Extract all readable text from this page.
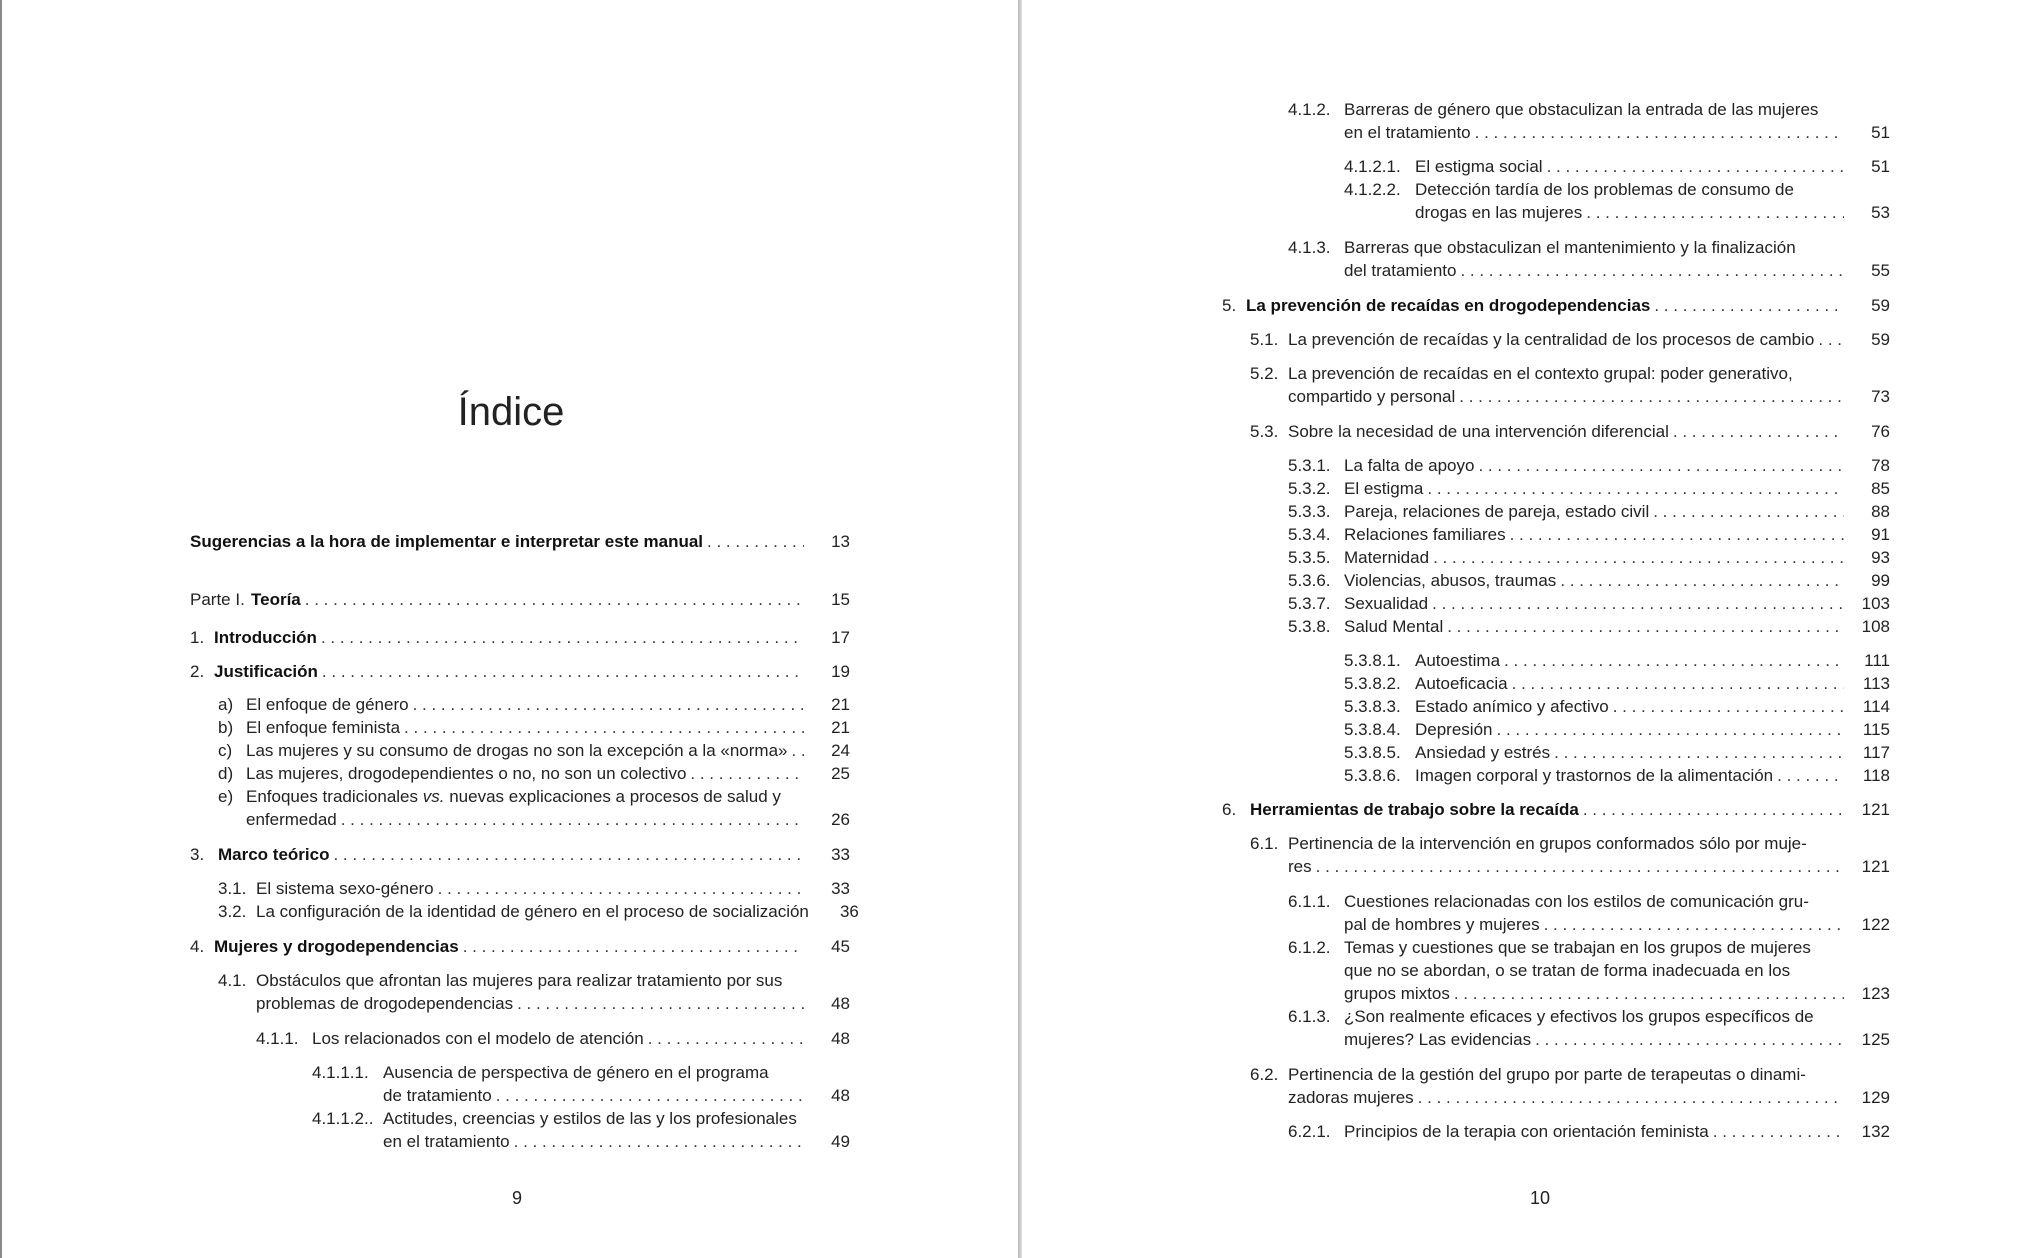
Índice
Sugerencias a la hora de implementar e interpretar este manual . . .	13
Parte I. Teoría . . .	15
1. Introducción . . .	17
2. Justificación . . .	19
a) El enfoque de género . . .	21
b) El enfoque feminista . . .	21
c) Las mujeres y su consumo de drogas no son la excepción a la «norma» . . .	24
d) Las mujeres, drogodependientes o no, no son un colectivo . . .	25
e) Enfoques tradicionales
vs.
nuevas explicaciones a procesos de salud y
enfermedad . . .	26
3. Marco teórico . . .	33
3.1. El sistema sexo-género . . .	33
3.2. La configuración de la identidad de género en el proceso de socialización	36
4. Mujeres y drogodependencias . . .	45
4.1. Obstáculos que afrontan las mujeres para realizar tratamiento por sus
problemas de drogodependencias . . .	48
4.1.1. Los relacionados con el modelo de atención . . .	48
4.1.1.1. Ausencia de perspectiva de género en el programa
de tratamiento . . .	48
4.1.1.2.. Actitudes, creencias y estilos de las y los profesionales
en el tratamiento . . .	49
9
4.1.2. Barreras de género que obstaculizan la entrada de las mujeres
en el tratamiento . . .	51
4.1.2.1. El estigma social . . .	51
4.1.2.2. Detección tardía de los problemas de consumo de
drogas en las mujeres . . .	53
4.1.3. Barreras que obstaculizan el mantenimiento y la finalización
del tratamiento . . .	55
5. La prevención de recaídas en drogodependencias . . .	59
5.1. La prevención de recaídas y la centralidad de los procesos de cambio . . .	59
5.2. La prevención de recaídas en el contexto grupal: poder generativo,
compartido y personal . . .	73
5.3. Sobre la necesidad de una intervención diferencial . . .	76
5.3.1. La falta de apoyo . . .	78
5.3.2. El estigma . . .	85
5.3.3. Pareja, relaciones de pareja, estado civil . . .	88
5.3.4. Relaciones familiares . . .	91
5.3.5. Maternidad . . .	93
5.3.6. Violencias, abusos, traumas . . .	99
5.3.7. Sexualidad . . .	103
5.3.8. Salud Mental . . .	108
5.3.8.1. Autoestima . . .	111
5.3.8.2. Autoeficacia . . .	113
5.3.8.3. Estado anímico y afectivo . . .	114
5.3.8.4. Depresión . . .	115
5.3.8.5. Ansiedad y estrés . . .	117
5.3.8.6. Imagen corporal y trastornos de la alimentación . . .	118
6. Herramientas de trabajo sobre la recaída . . .	121
6.1. Pertinencia de la intervención en grupos conformados sólo por muje-
res . . .	121
6.1.1. Cuestiones relacionadas con los estilos de comunicación gru-
pal de hombres y mujeres . . .	122
6.1.2. Temas y cuestiones que se trabajan en los grupos de mujeres
que no se abordan, o se tratan de forma inadecuada en los
grupos mixtos . . .	123
6.1.3. ¿Son realmente eficaces y efectivos los grupos específicos de
mujeres? Las evidencias . . .	125
6.2. Pertinencia de la gestión del grupo por parte de terapeutas o dinami-
zadoras mujeres . . .	129
6.2.1. Principios de la terapia con orientación feminista . . .	132
10
